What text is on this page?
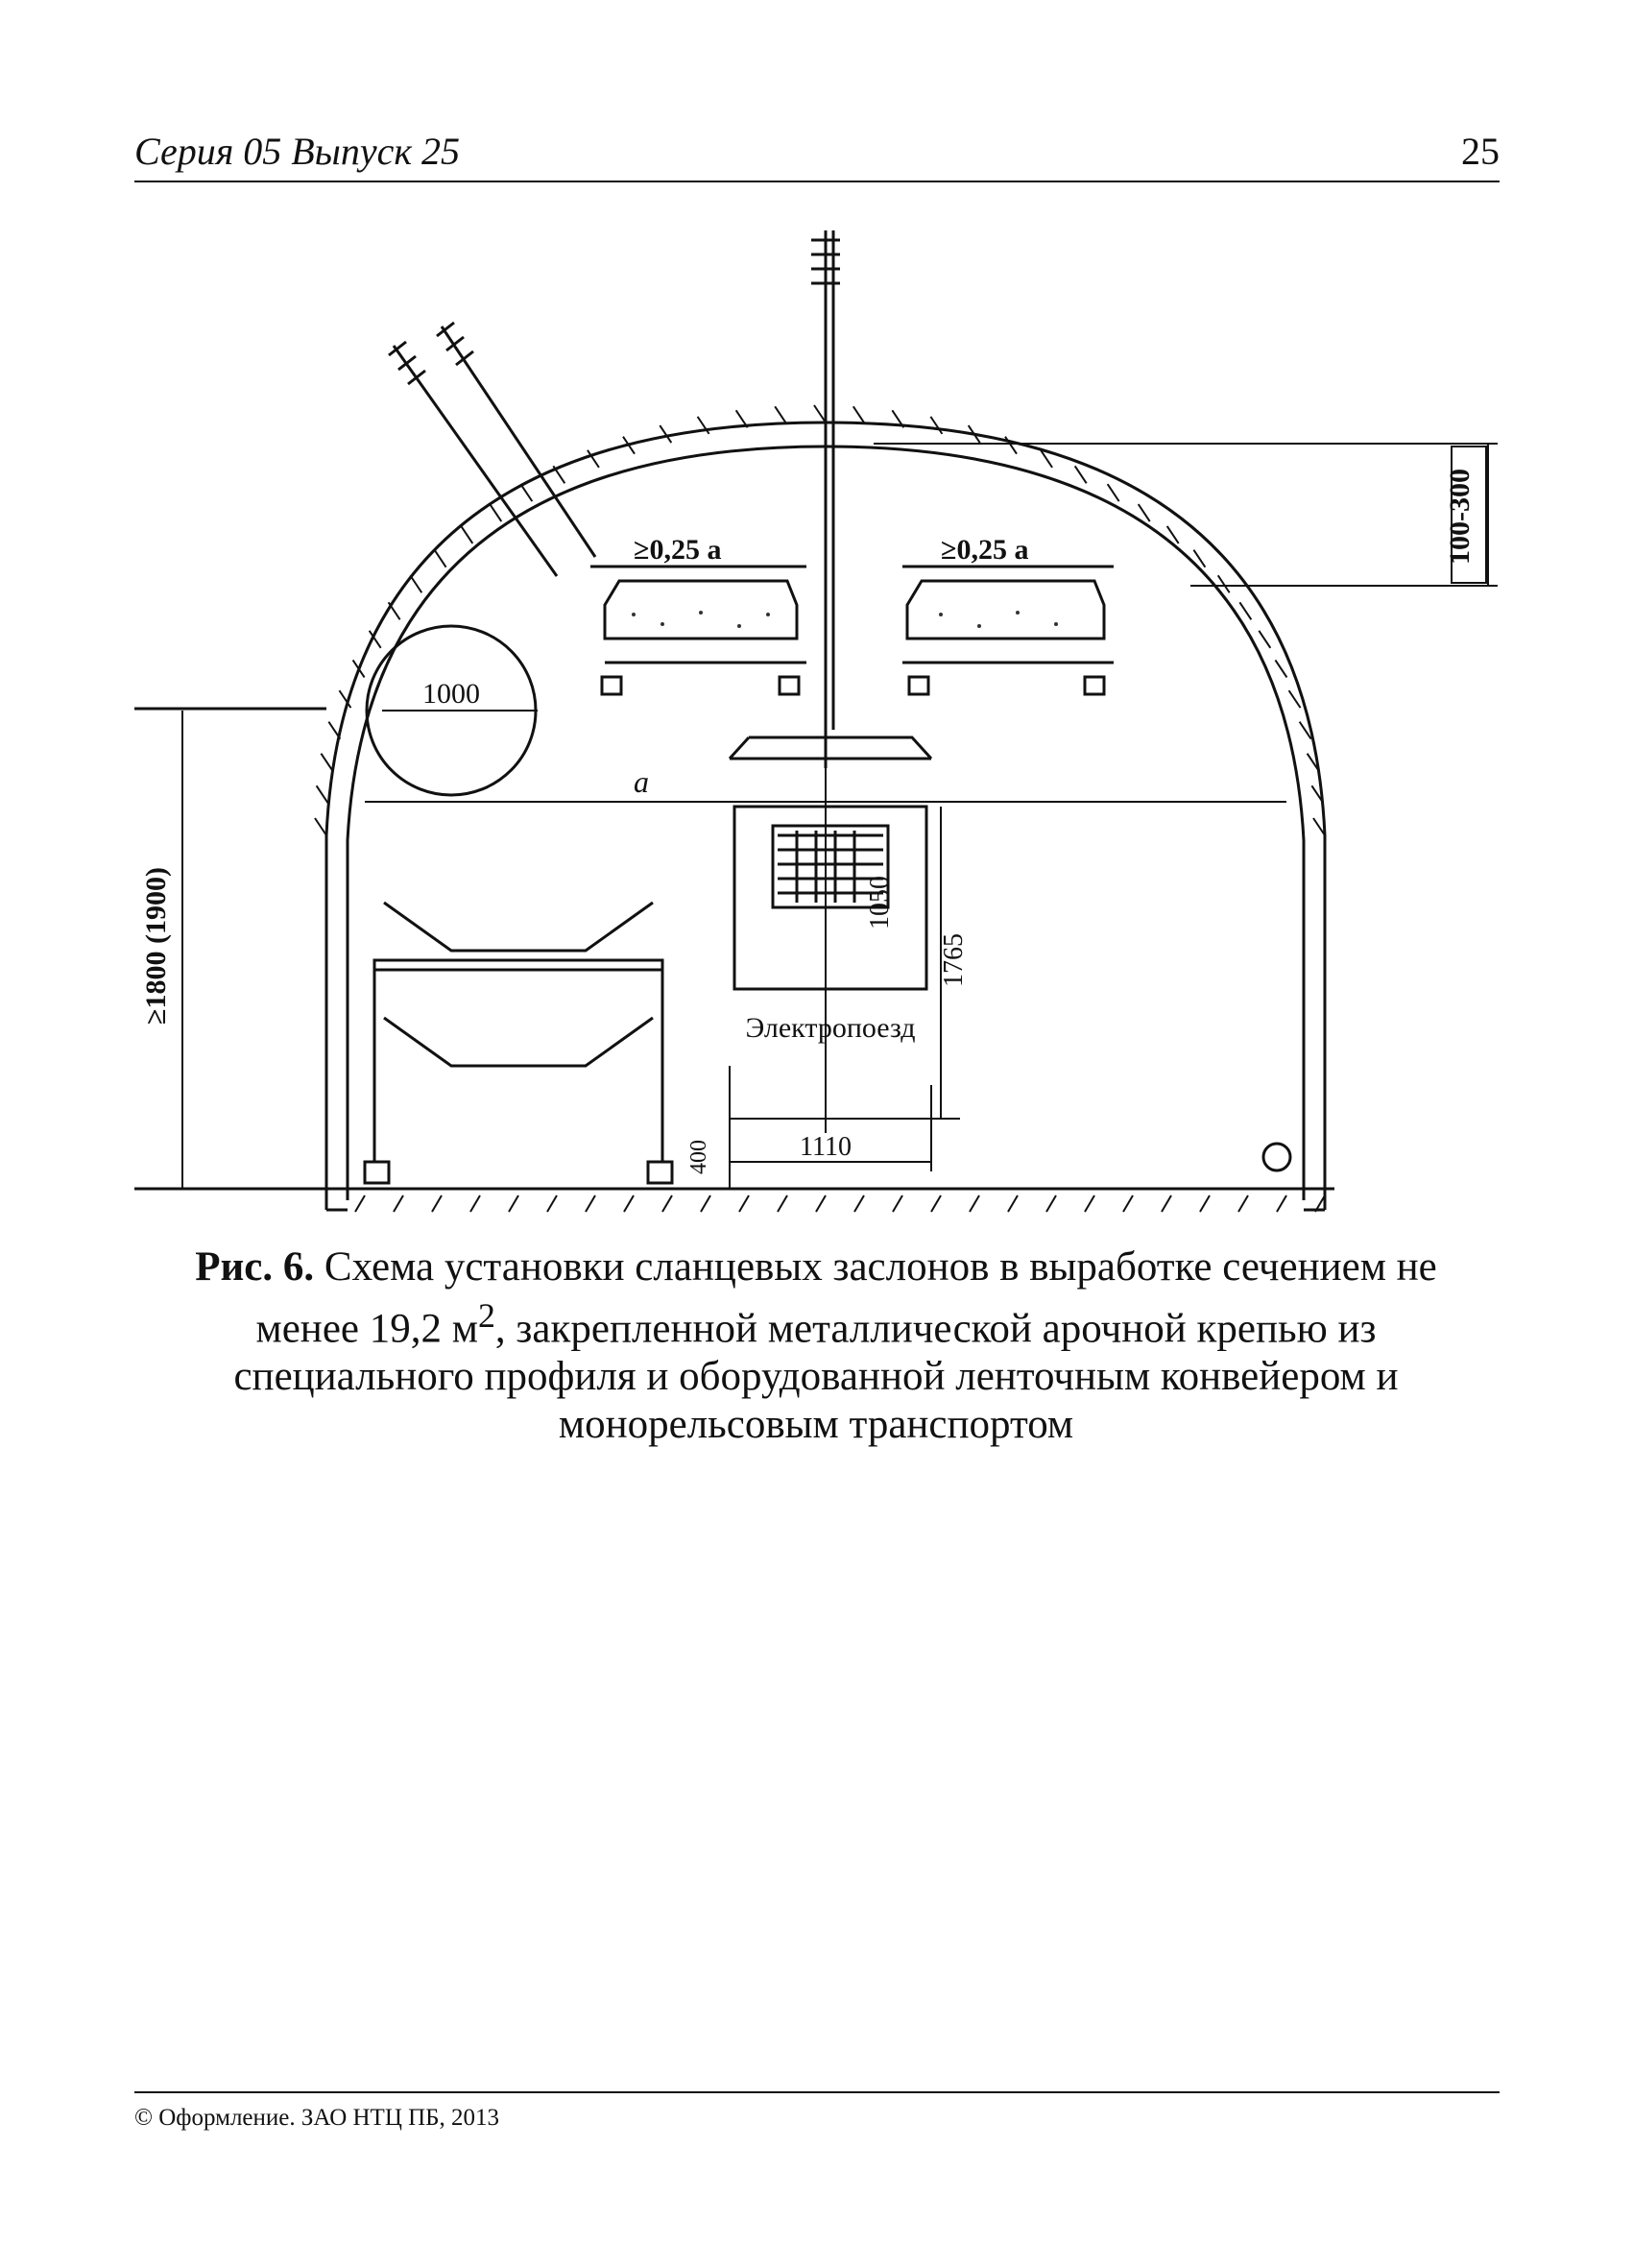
Серия 05 Выпуск 25	25
100-300
≥0,25 a	≥0,25 a
1000
a
≥1800 (1900)	1050
1765
Электропоезд
400	1110
Рис. 6. Схема установки сланцевых заслонов в выработке сечением не менее 19,2 $м^2$, закрепленной металлической арочной крепью из специального профиля и оборудованной ленточным конвейером и монорельсовым транспортом
© Оформление. ЗАО НТЦ ПБ, 2013
